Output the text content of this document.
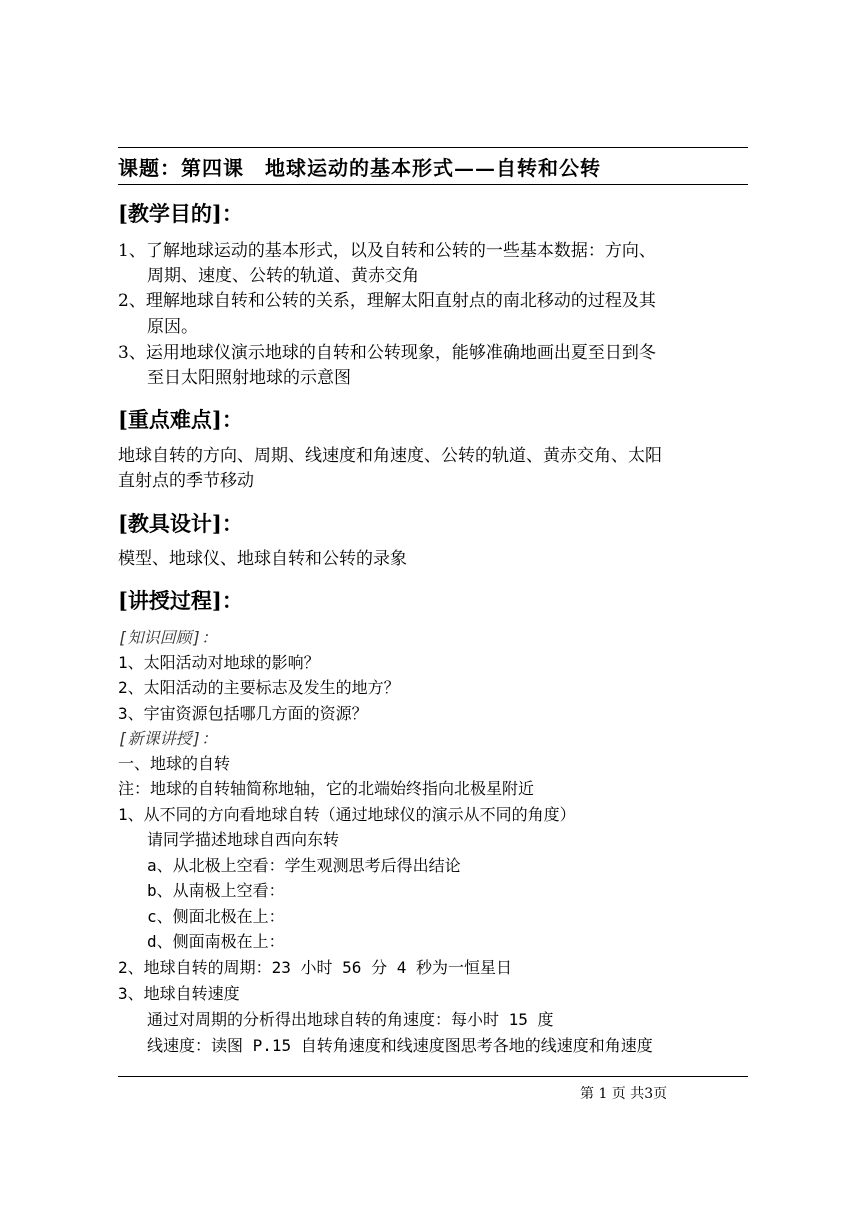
课题：第四课　地球运动的基本形式——自转和公转
[教学目的]：
1、了解地球运动的基本形式，以及自转和公转的一些基本数据：方向、
周期、速度、公转的轨道、黄赤交角
2、理解地球自转和公转的关系，理解太阳直射点的南北移动的过程及其
原因。
3、运用地球仪演示地球的自转和公转现象，能够准确地画出夏至日到冬
至日太阳照射地球的示意图
[重点难点]：
地球自转的方向、周期、线速度和角速度、公转的轨道、黄赤交角、太阳
直射点的季节移动
[教具设计]：
模型、地球仪、地球自转和公转的录象
[讲授过程]：
[知识回顾]：
1、太阳活动对地球的影响？
2、太阳活动的主要标志及发生的地方？
3、宇宙资源包括哪几方面的资源？
[新课讲授]：
一、地球的自转
注：地球的自转轴简称地轴，它的北端始终指向北极星附近
1、从不同的方向看地球自转（通过地球仪的演示从不同的角度）
请同学描述地球自西向东转
a、从北极上空看：学生观测思考后得出结论
b、从南极上空看：
c、侧面北极在上：
d、侧面南极在上：
2、地球自转的周期：23 小时 56 分 4 秒为一恒星日
3、地球自转速度
通过对周期的分析得出地球自转的角速度：每小时 15 度
线速度：读图 P.15 自转角速度和线速度图思考各地的线速度和角速度
第 1 页 共3页
